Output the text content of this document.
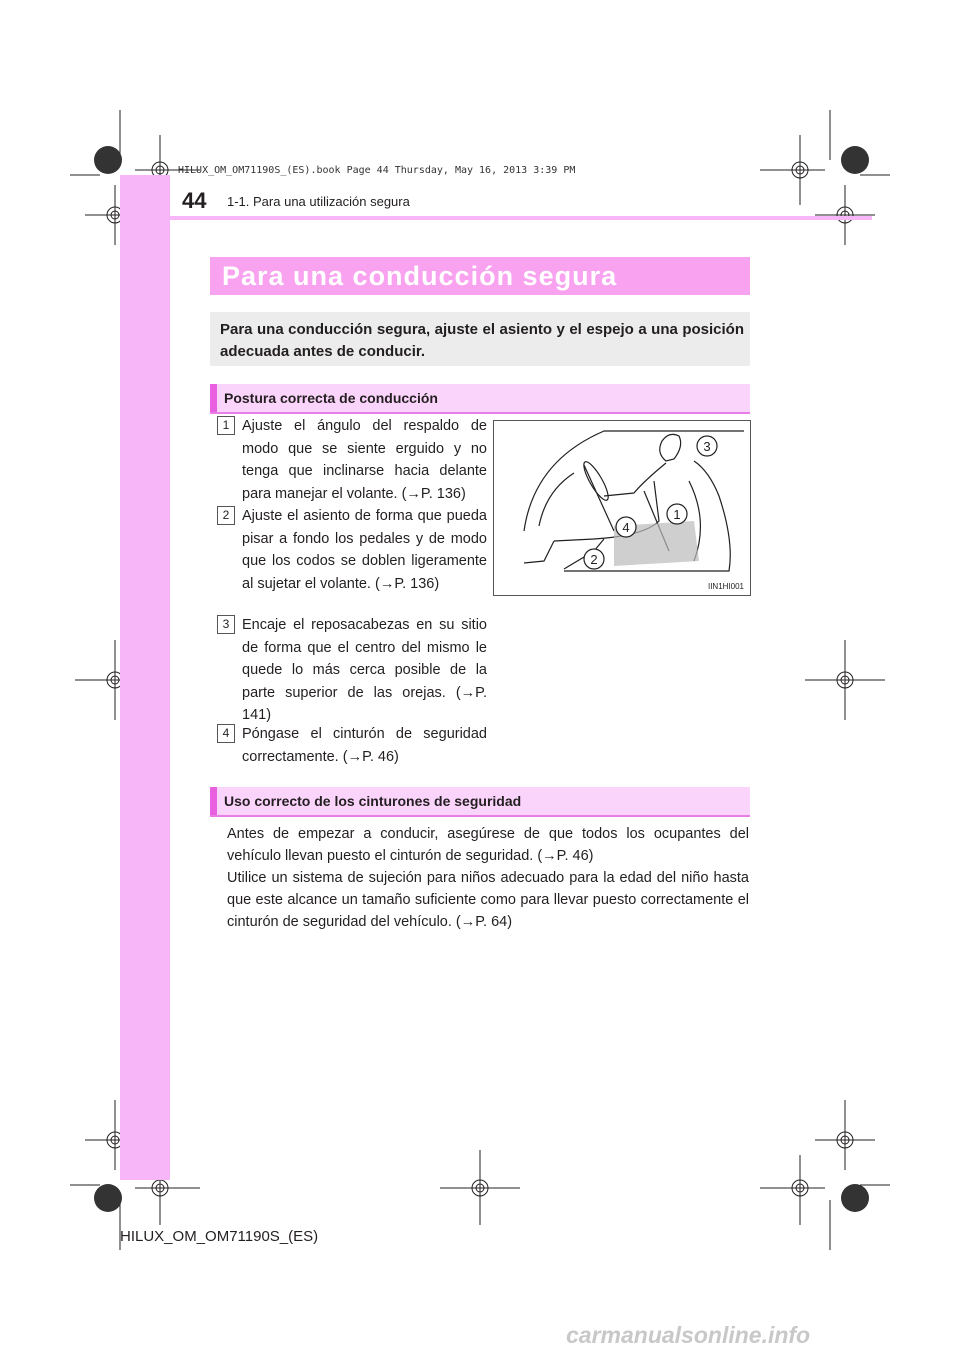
HILUX_OM_OM71190S_(ES).book Page 44 Thursday, May 16, 2013 3:39 PM
44 1-1. Para una utilización segura
Para una conducción segura

Para una conducción segura, ajuste el asiento y el espejo a una posición adecuada antes de conducir.

Postura correcta de conducción
1 Ajuste el ángulo del respaldo de modo que se siente erguido y no tenga que inclinarse hacia delante para manejar el volante. (→P. 136)

2 Ajuste el asiento de forma que pueda pisar a fondo los pedales y de modo que los codos se doblen ligeramente al sujetar el volante. (→P. 136)

3 Encaje el reposacabezas en su sitio de forma que el centro del mismo le quede lo más cerca posible de la parte superior de las orejas. (→P. 141)

4 Póngase el cinturón de seguridad correctamente. (→P. 46)

3
1
4
2
IIN1HI001
Uso correcto de los cinturones de seguridad

Antes de empezar a conducir, asegúrese de que todos los ocupantes del vehículo llevan puesto el cinturón de seguridad. (→P. 46)

Utilice un sistema de sujeción para niños adecuado para la edad del niño hasta que este alcance un tamaño suficiente como para llevar puesto correctamente el cinturón de seguridad del vehículo. (→P. 64)

HILUX_OM_OM71190S_(ES)
carmanualsonline.info
